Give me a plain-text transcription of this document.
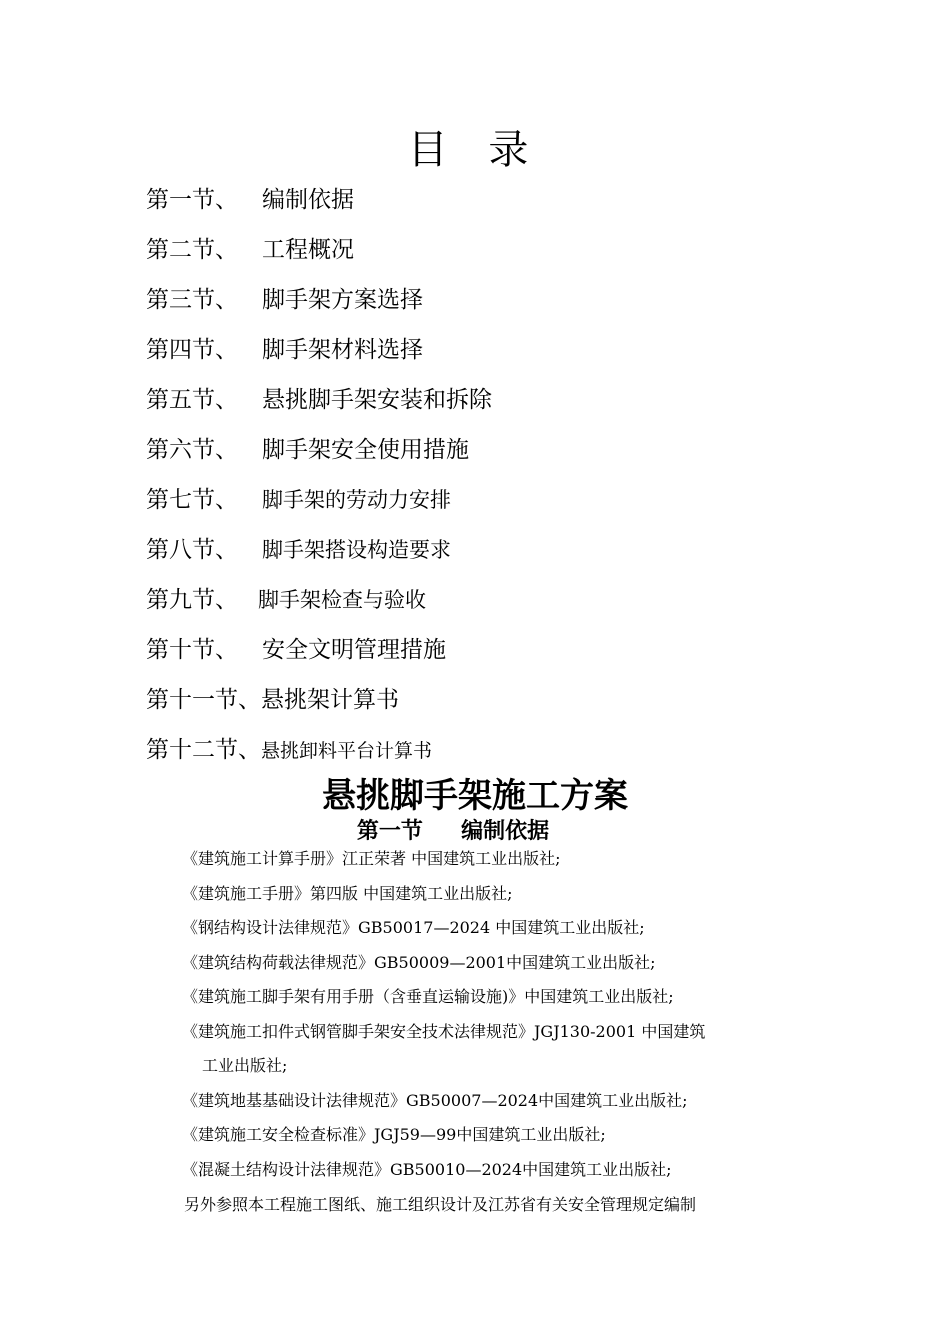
目 录
第一节、 编制依据
第二节、 工程概况
第三节、 脚手架方案选择
第四节、 脚手架材料选择
第五节、 悬挑脚手架安装和拆除
第六节、 脚手架安全使用措施
第七节、 脚手架的劳动力安排
第八节、 脚手架搭设构造要求
第九节、 脚手架检查与验收
第十节、 安全文明管理措施
第十一节、悬挑架计算书
第十二节、悬挑卸料平台计算书
悬挑脚手架施工方案
第一节     编制依据
《建筑施工计算手册》江正荣著 中国建筑工业出版社;
《建筑施工手册》第四版 中国建筑工业出版社;
《钢结构设计法律规范》GB50017—2024 中国建筑工业出版社;
《建筑结构荷载法律规范》GB50009—2001中国建筑工业出版社;
《建筑施工脚手架有用手册（含垂直运输设施)》中国建筑工业出版社;
《建筑施工扣件式钢管脚手架安全技术法律规范》JGJ130-2001 中国建筑
工业出版社;
《建筑地基基础设计法律规范》GB50007—2024中国建筑工业出版社;
《建筑施工安全检查标准》JGJ59—99中国建筑工业出版社;
《混凝土结构设计法律规范》GB50010—2024中国建筑工业出版社;
另外参照本工程施工图纸、施工组织设计及江苏省有关安全管理规定编制
